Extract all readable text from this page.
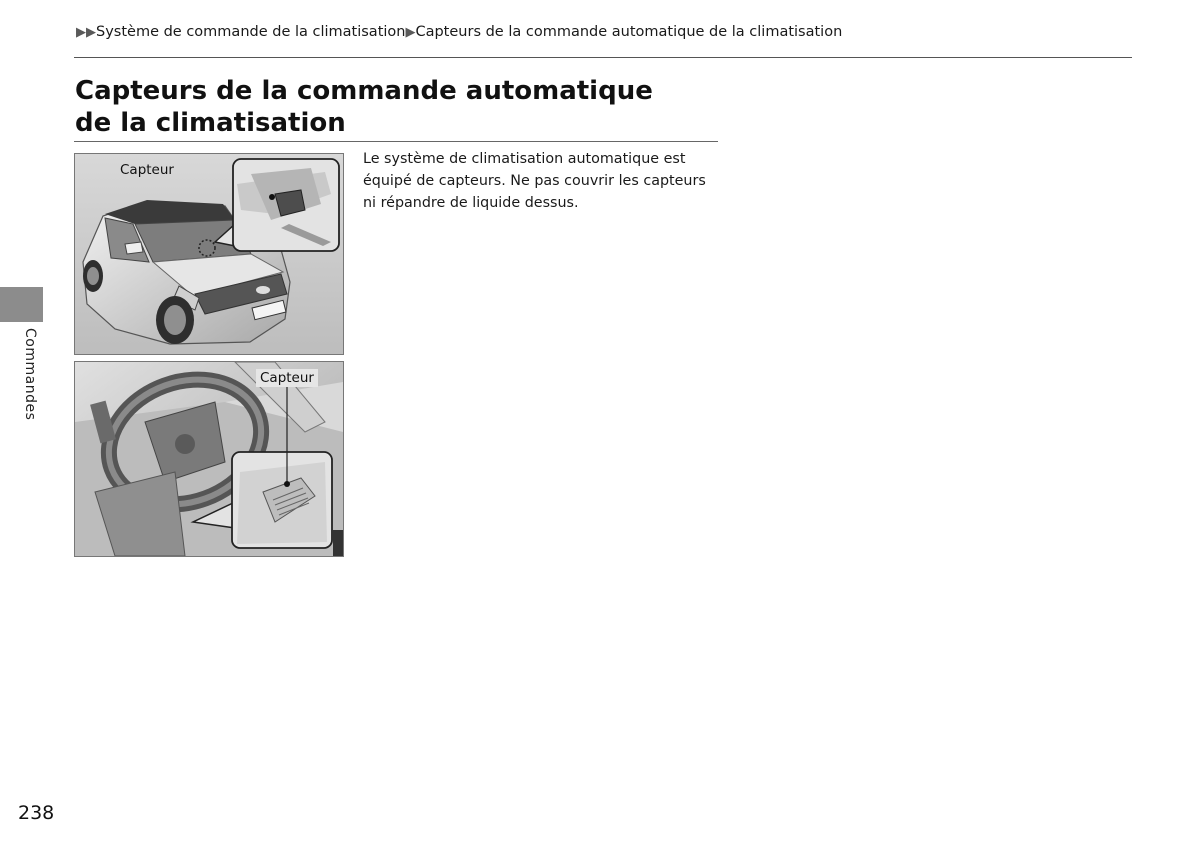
▶▶Système de commande de la climatisation▶Capteurs de la commande automatique de la climatisation
Capteurs de la commande automatique
de la climatisation
Capteur
Capteur

Le système de climatisation automatique est équipé de capteurs. Ne pas couvrir les capteurs ni répandre de liquide dessus.

Commandes
238
